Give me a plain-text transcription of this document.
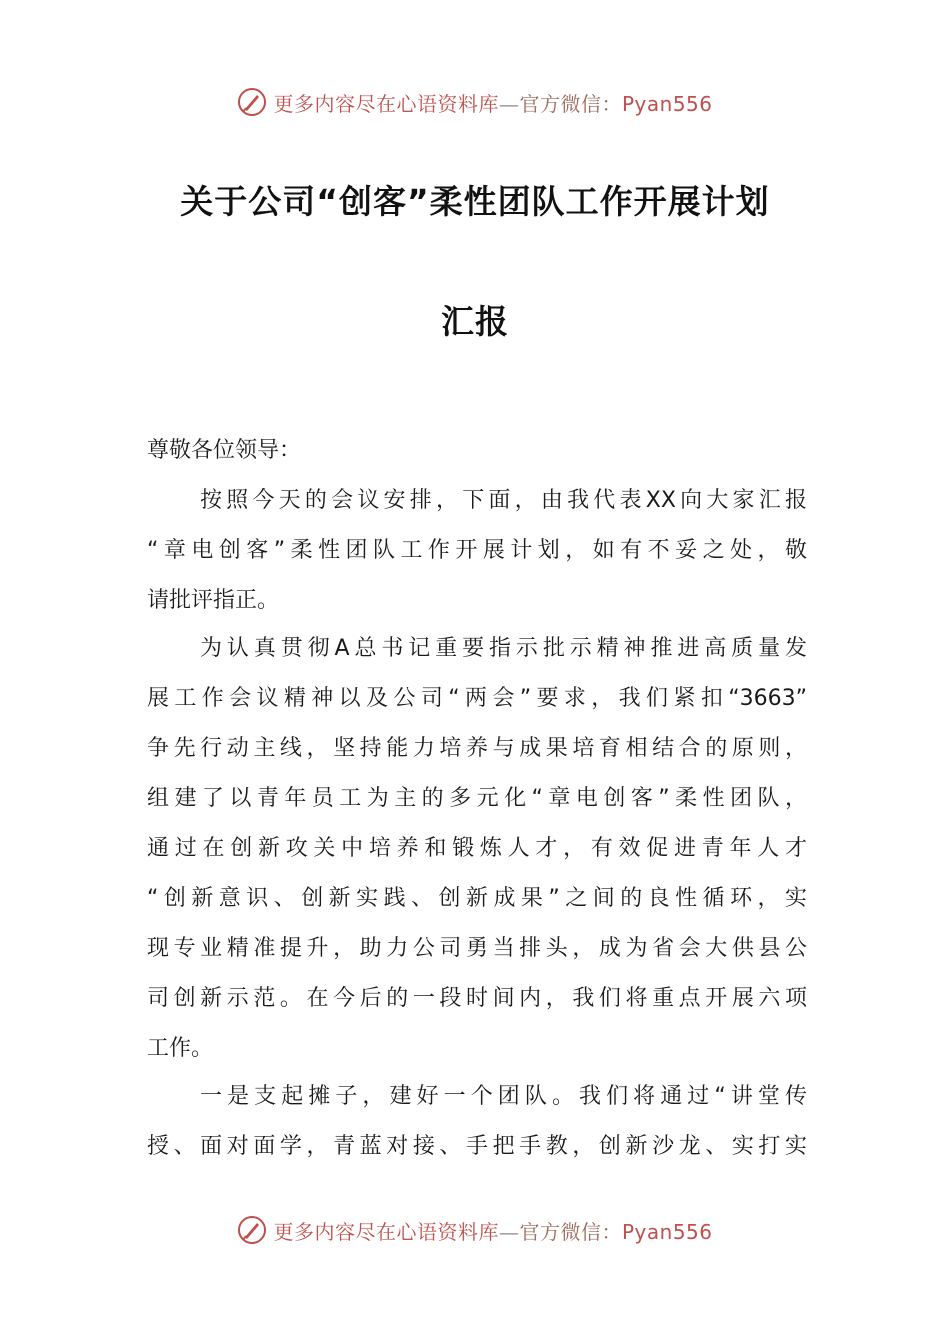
更多内容尽在心语资料库—官方微信：Pyan556
关于公司“创客”柔性团队工作开展计划
汇报
尊敬各位领导：
按照今天的会议安排，下面，由我代表XX向大家汇报
“章电创客”柔性团队工作开展计划，如有不妥之处，敬
请批评指正。
为认真贯彻A总书记重要指示批示精神推进高质量发
展工作会议精神以及公司“两会”要求，我们紧扣“3663”
争先行动主线，坚持能力培养与成果培育相结合的原则，
组建了以青年员工为主的多元化“章电创客”柔性团队，
通过在创新攻关中培养和锻炼人才，有效促进青年人才
“创新意识、创新实践、创新成果”之间的良性循环，实
现专业精准提升，助力公司勇当排头，成为省会大供县公
司创新示范。在今后的一段时间内，我们将重点开展六项
工作。
一是支起摊子，建好一个团队。我们将通过“讲堂传
授、面对面学，青蓝对接、手把手教，创新沙龙、实打实
更多内容尽在心语资料库—官方微信：Pyan556
